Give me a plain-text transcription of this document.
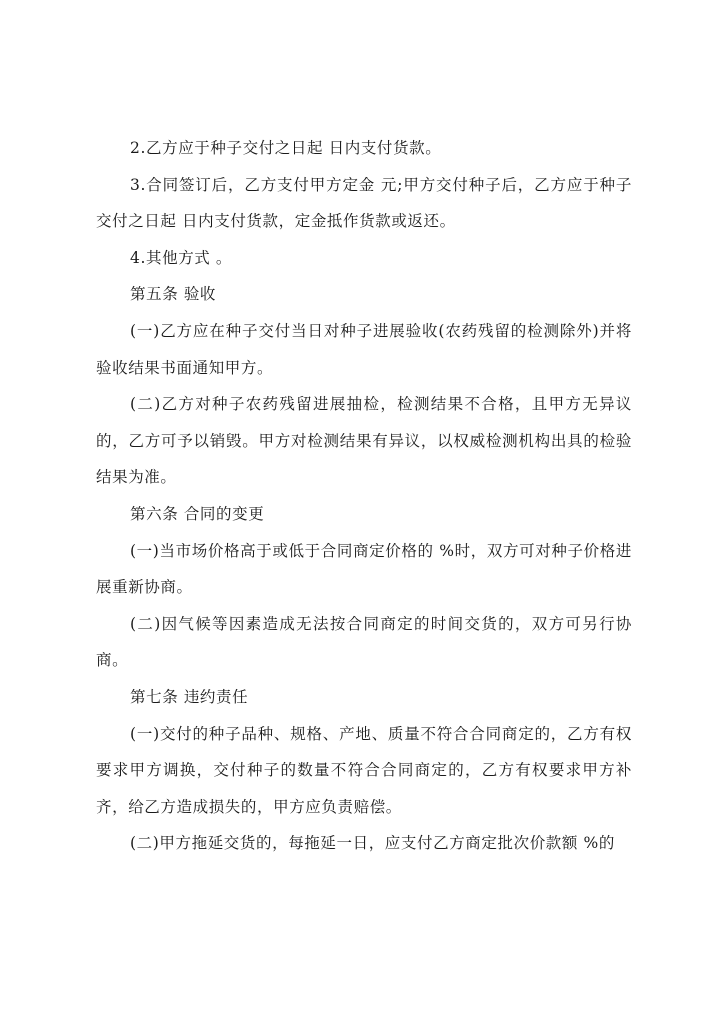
2.乙方应于种子交付之日起 日内支付货款。

3.合同签订后，乙方支付甲方定金 元;甲方交付种子后，乙方应于种子交付之日起 日内支付货款，定金抵作货款或返还。

4.其他方式 。

第五条 验收

(一)乙方应在种子交付当日对种子进展验收(农药残留的检测除外)并将验收结果书面通知甲方。

(二)乙方对种子农药残留进展抽检，检测结果不合格，且甲方无异议的，乙方可予以销毁。甲方对检测结果有异议，以权威检测机构出具的检验结果为准。

第六条 合同的变更

(一)当市场价格高于或低于合同商定价格的 %时，双方可对种子价格进展重新协商。

(二)因气候等因素造成无法按合同商定的时间交货的，双方可另行协商。

第七条 违约责任

(一)交付的种子品种、规格、产地、质量不符合合同商定的，乙方有权要求甲方调换，交付种子的数量不符合合同商定的，乙方有权要求甲方补齐，给乙方造成损失的，甲方应负责赔偿。

(二)甲方拖延交货的，每拖延一日，应支付乙方商定批次价款额 %的
